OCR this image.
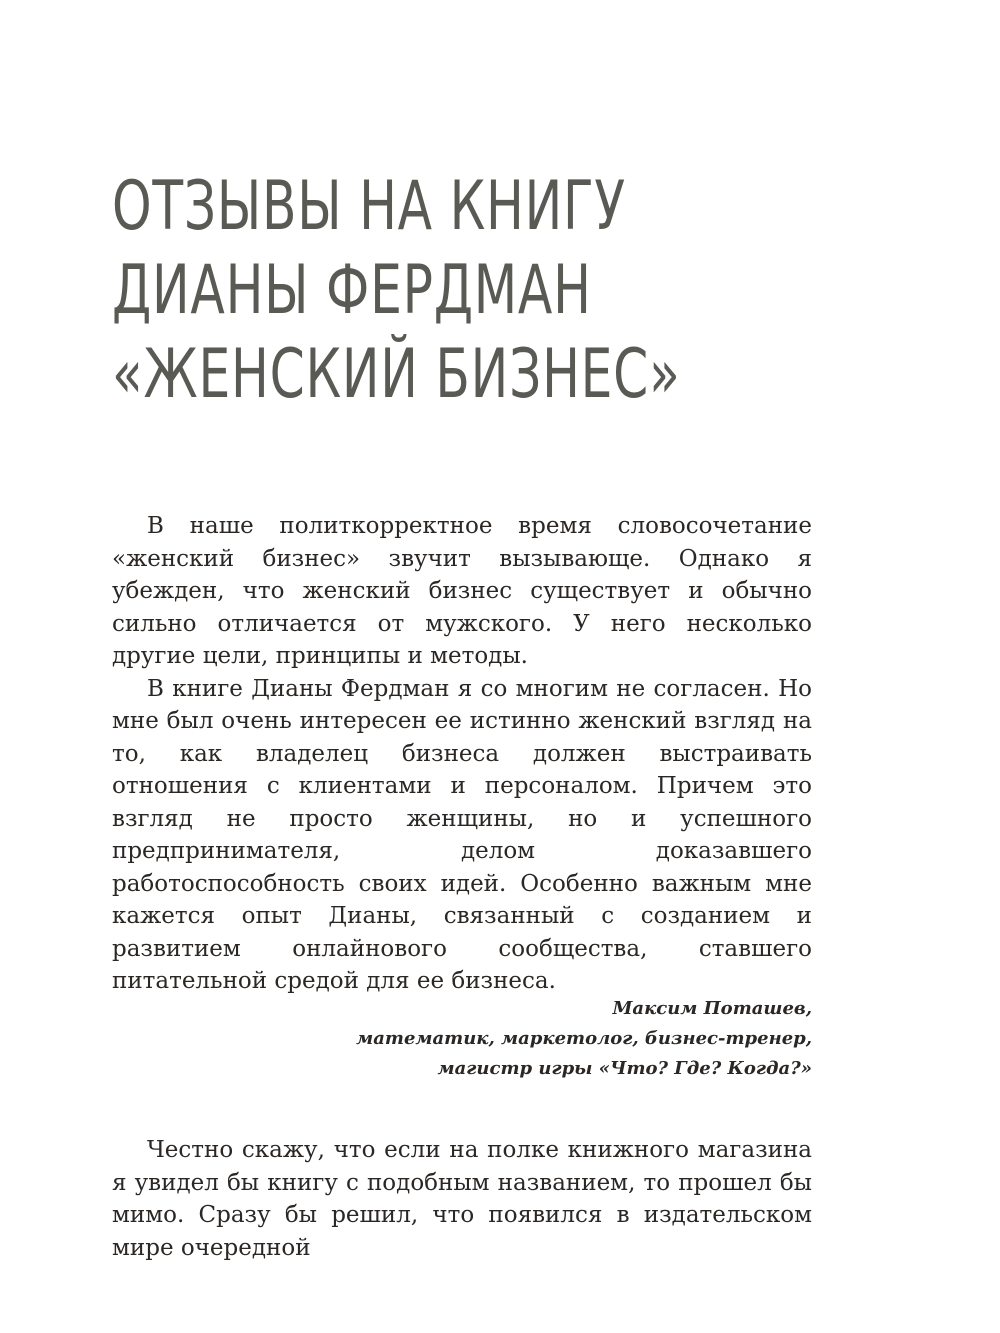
ОТЗЫВЫ НА КНИГУ
ДИАНЫ ФЕРДМАН
«ЖЕНСКИЙ БИЗНЕС»

В наше политкорректное время словосочетание «женский бизнес» звучит вызывающе. Однако я убежден, что женский бизнес существует и обычно сильно отличается от мужского. У него несколько другие цели, принципы и методы.

В книге Дианы Фердман я со многим не согласен. Но мне был очень интересен ее истинно женский взгляд на то, как владелец бизнеса должен выстраивать отношения с клиентами и персоналом. Причем это взгляд не просто женщины, но и успешного предпринимателя, делом доказавшего работоспособность своих идей. Особенно важным мне кажется опыт Дианы, связанный с созданием и развитием онлайнового сообщества, ставшего питательной средой для ее бизнеса.

Максим Поташев,
математик, маркетолог, бизнес-тренер,
магистр игры «Что? Где? Когда?»

Честно скажу, что если на полке книжного магазина я увидел бы книгу с подобным названием, то прошел бы мимо. Сразу бы решил, что появился в издательском мире очередной
